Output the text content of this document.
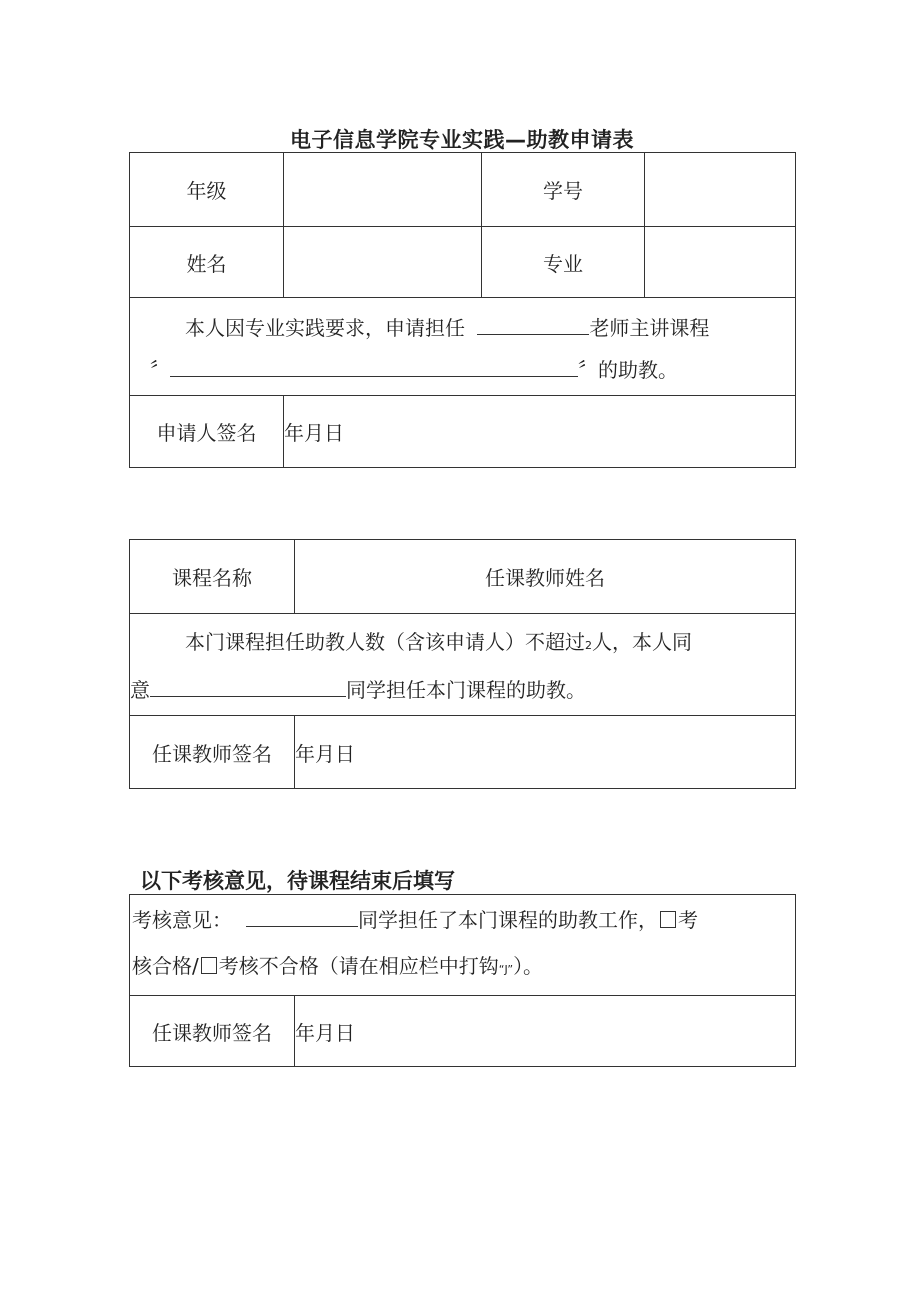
电子信息学院专业实践—助教申请表
年级		学号	
姓名		专业	

本人因专业实践要求，申请担任 老师主讲课程
〞 〞的助教。			

申请人签名	年月日		
课程名称	任课教师姓名

本门课程担任助教人数（含该申请人）不超过2人，本人同
意 同学担任本门课程的助教。	

任课教师签名	年月日
以下考核意见，待课程结束后填写
考核意见：	同学担任了本门课程的助教工作， 考
核合格/ 考核不合格（请在相应栏中打钩“J”）。

任课教师签名	年月日
